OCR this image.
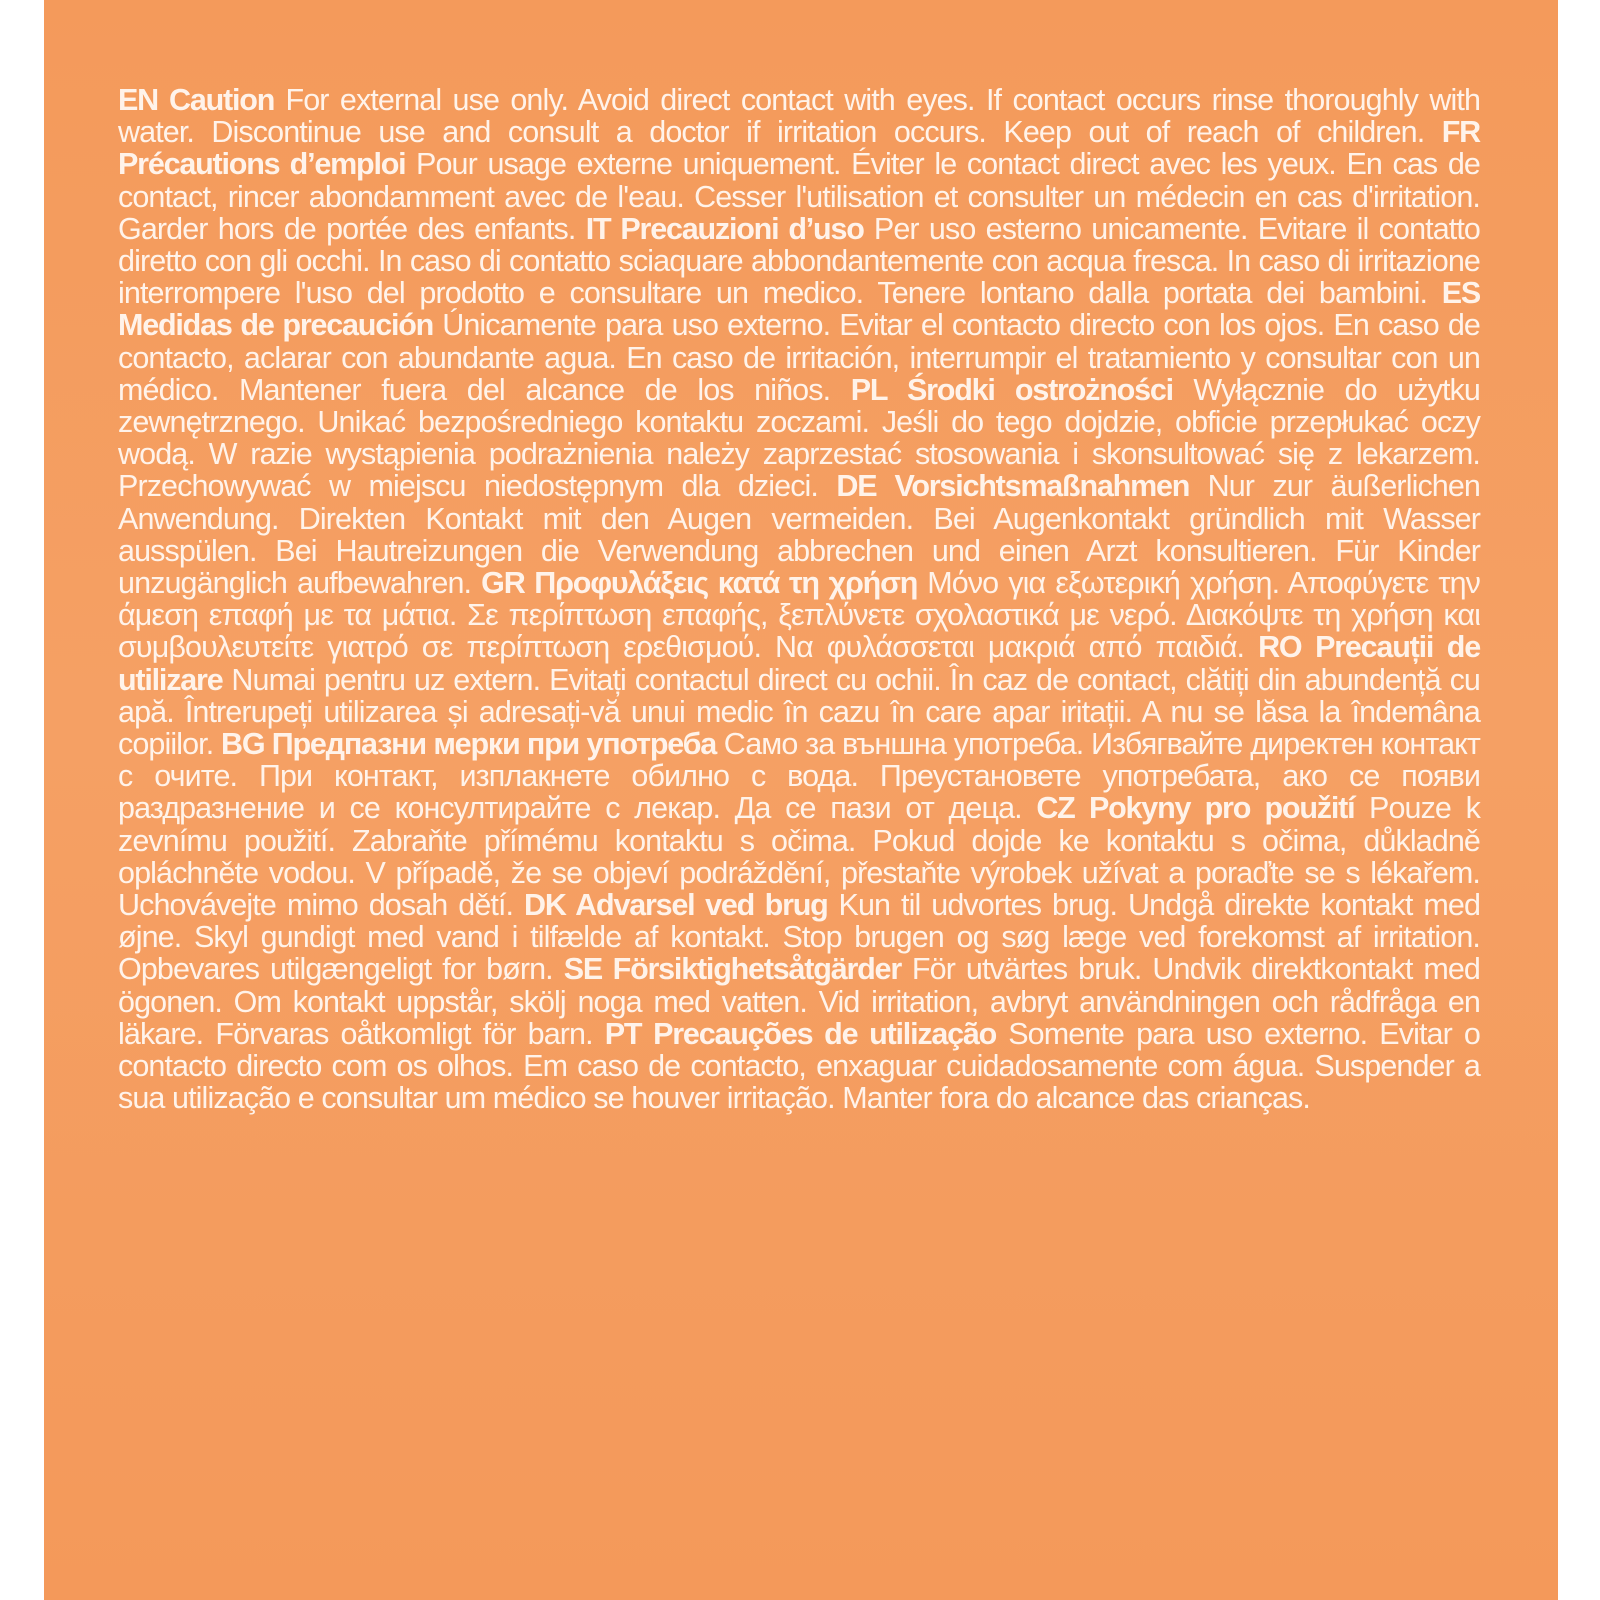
EN Caution For external use only. Avoid direct contact with eyes. If contact occurs rinse thoroughly with water. Discontinue use and consult a doctor if irritation occurs. Keep out of reach of children.

FR Précautions d’emploi Pour usage externe uniquement. Éviter le contact direct avec les yeux. En cas de contact, rincer abondamment avec de l'eau. Cesser l'utilisation et consulter un médecin en cas d'irritation. Garder hors de portée des enfants.

IT Precauzioni d’uso Per uso esterno unicamente. Evitare il contatto diretto con gli occhi. In caso di contatto sciaquare abbondantemente con acqua fresca. In caso di irritazione interrompere l'uso del prodotto e consultare un medico. Tenere lontano dalla portata dei bambini.

ES Medidas de precaución Únicamente para uso externo. Evitar el contacto directo con los ojos. En caso de contacto, aclarar con abundante agua. En caso de irritación, interrumpir el tratamiento y consultar con un médico. Mantener fuera del alcance de los niños.

PL Środki ostrożności Wyłącznie do użytku zewnętrznego. Unikać bezpośredniego kontaktu zoczami. Jeśli do tego dojdzie, obficie przepłukać oczy wodą. W razie wystąpienia podrażnienia należy zaprzestać stosowania i skonsultować się z lekarzem. Przechowywać w miejscu niedostępnym dla dzieci.

DE Vorsichtsmaßnahmen Nur zur äußerlichen Anwendung. Direkten Kontakt mit den Augen vermeiden. Bei Augenkontakt gründlich mit Wasser ausspülen. Bei Hautreizungen die Verwendung abbrechen und einen Arzt konsultieren. Für Kinder unzugänglich aufbewahren.

GR Προφυλάξεις κατά τη χρήση Μόνο για εξωτερική χρήση. Αποφύγετε την άμεση επαφή με τα μάτια. Σε περίπτωση επαφής, ξεπλύνετε σχολαστικά με νερό. Διακόψτε τη χρήση και συμβουλευτείτε γιατρό σε περίπτωση ερεθισμού. Να φυλάσσεται μακριά από παιδιά.

RO Precauții de utilizare Numai pentru uz extern. Evitați contactul direct cu ochii. În caz de contact, clătiți din abundență cu apă. Întrerupeți utilizarea și adresați-vă unui medic în cazu în care apar iritații. A nu se lăsa la îndemâna copiilor.

BG Предпазни мерки при употреба Само за външна употреба. Избягвайте директен контакт с очите. При контакт, изплакнете обилно с вода. Преустановете употребата, ако се появи раздразнение и се консултирайте с лекар. Да се пази от деца.

CZ Pokyny pro použití Pouze k zevnímu použití. Zabraňte přímému kontaktu s očima. Pokud dojde ke kontaktu s očima, důkladně opláchněte vodou. V případě, že se objeví podráždění, přestaňte výrobek užívat a poraďte se s lékařem. Uchovávejte mimo dosah dětí.

DK Advarsel ved brug Kun til udvortes brug. Undgå direkte kontakt med øjne. Skyl gundigt med vand i tilfælde af kontakt. Stop brugen og søg læge ved forekomst af irritation. Opbevares utilgængeligt for børn.

SE Försiktighetsåtgärder För utvärtes bruk. Undvik direktkontakt med ögonen. Om kontakt uppstår, skölj noga med vatten. Vid irritation, avbryt användningen och rådfråga en läkare. Förvaras oåtkomligt för barn.

PT Precauções de utilização Somente para uso externo. Evitar o contacto directo com os olhos. Em caso de contacto, enxaguar cuidadosamente com água. Suspender a sua utilização e consultar um médico se houver irritação. Manter fora do alcance das crianças.
